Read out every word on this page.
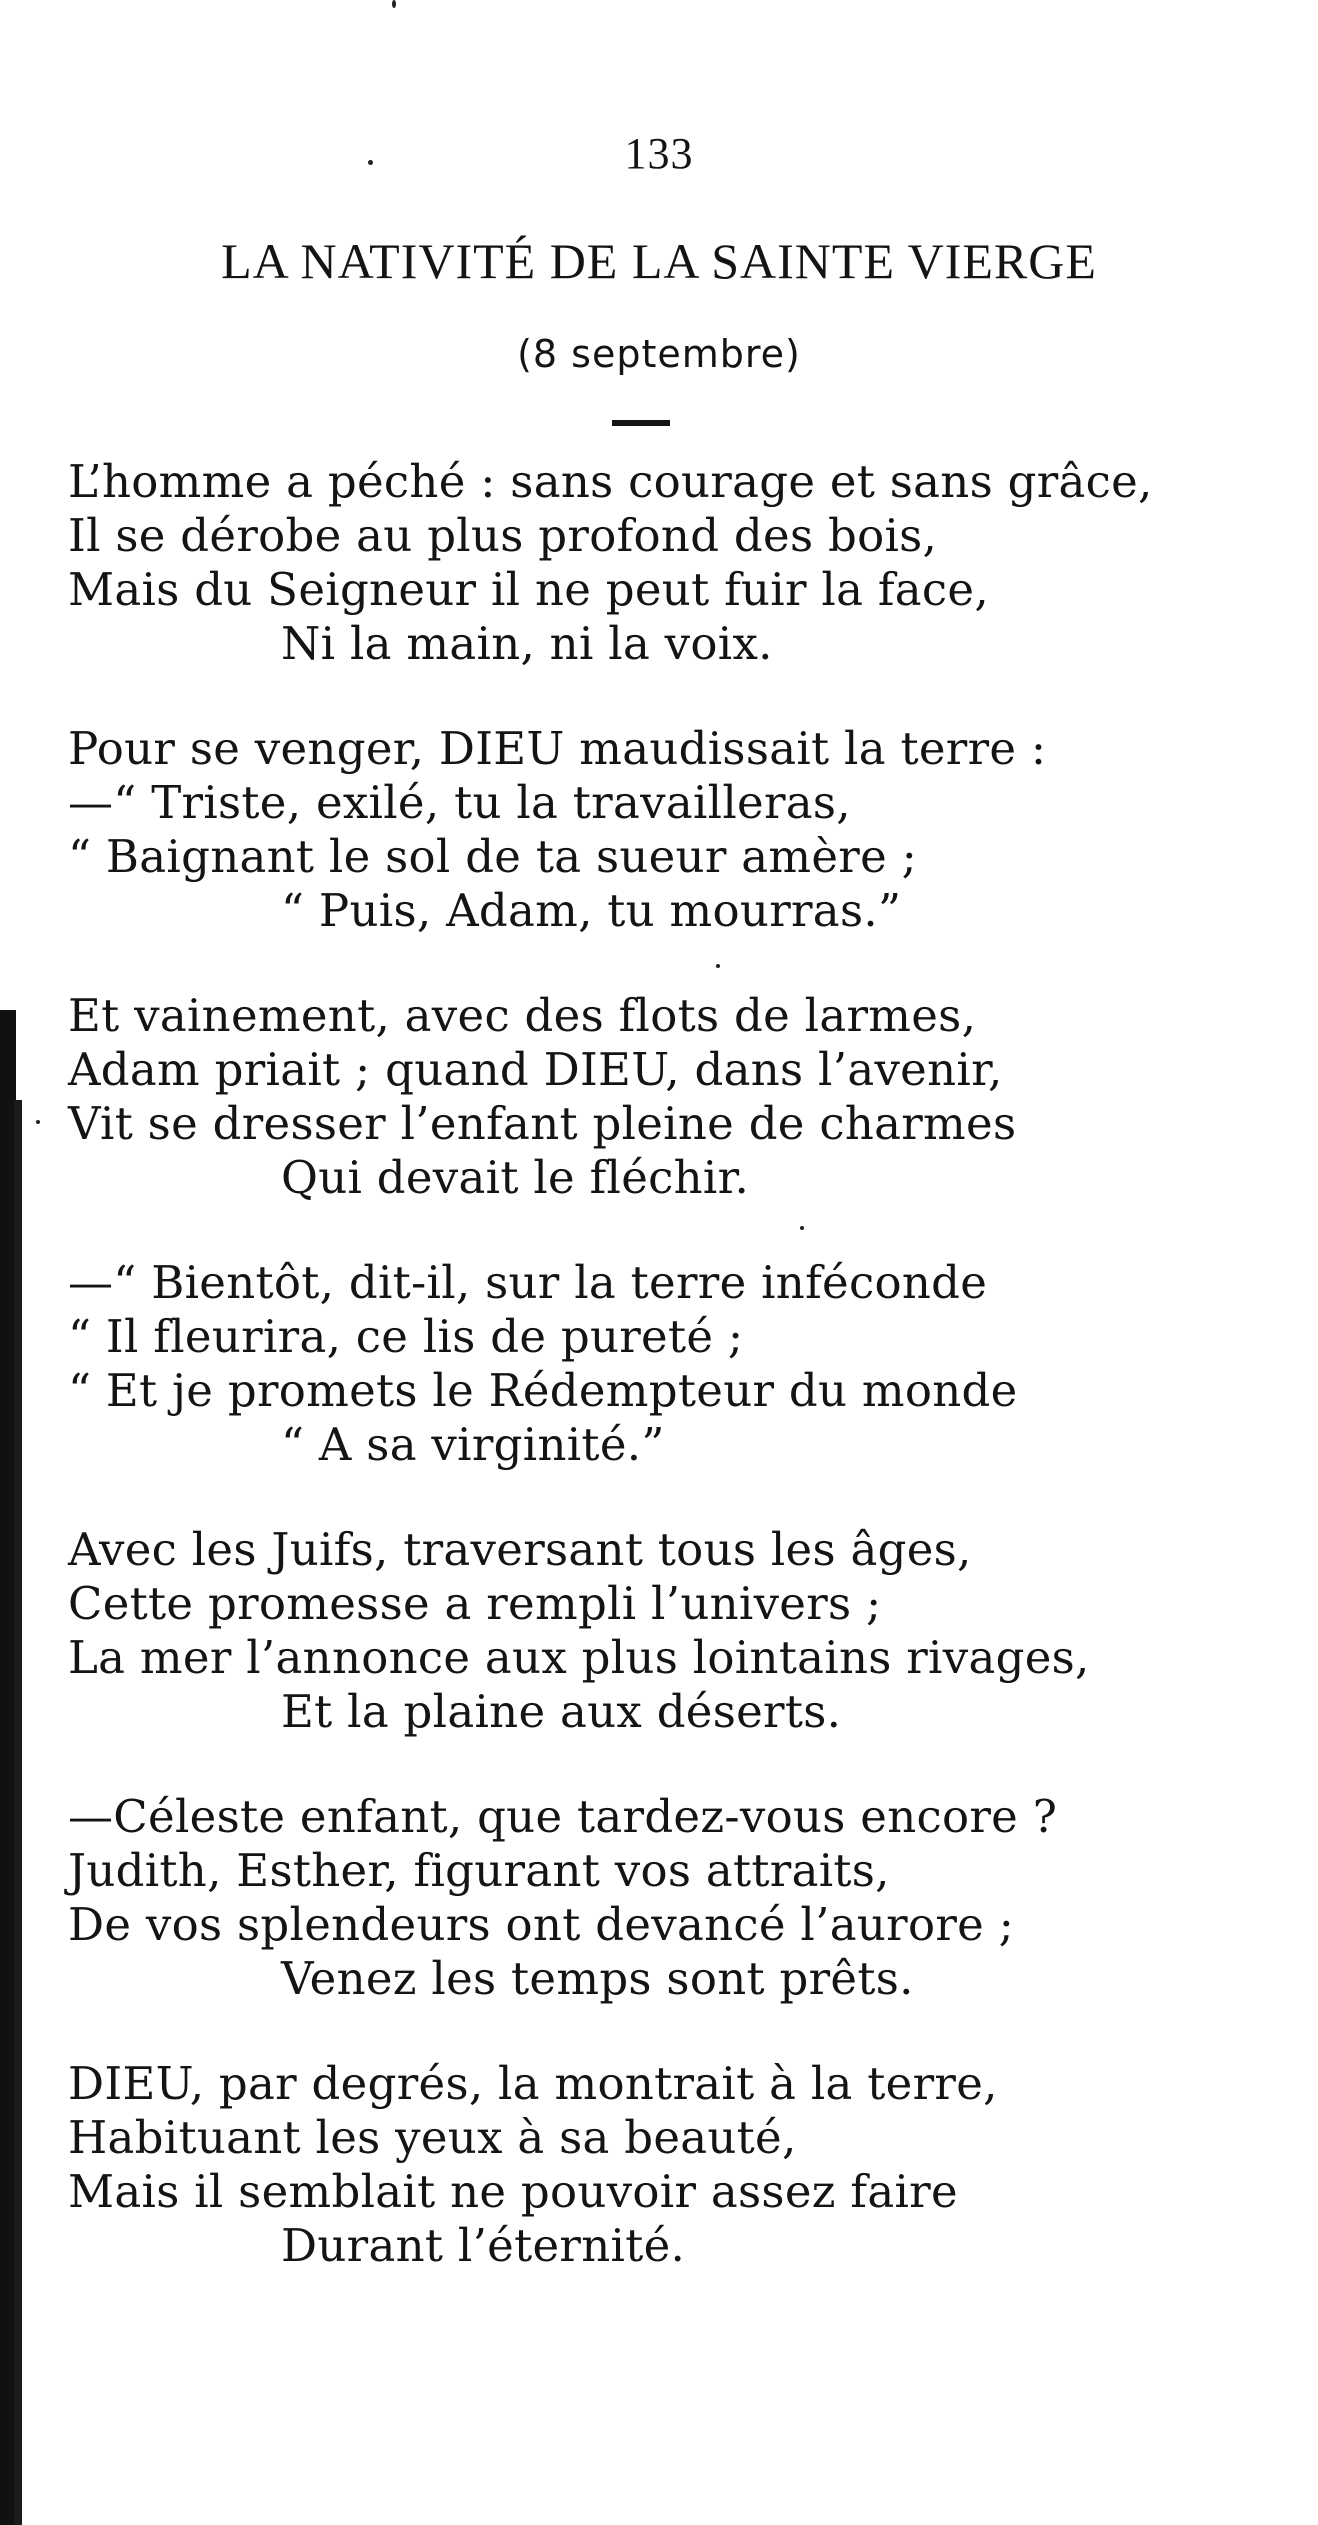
133
LA NATIVITÉ DE LA SAINTE VIERGE
(8 septembre)
L’homme a péché : sans courage et sans grâce,
Il se dérobe au plus profond des bois,
Mais du Seigneur il ne peut fuir la face,
Ni la main, ni la voix.
Pour se venger, DIEU maudissait la terre :
—“ Triste, exilé, tu la travailleras,
“ Baignant le sol de ta sueur amère ;
“ Puis, Adam, tu mourras.”
Et vainement, avec des flots de larmes,
Adam priait ; quand DIEU, dans l’avenir,
Vit se dresser l’enfant pleine de charmes
Qui devait le fléchir.
—“ Bientôt, dit-il, sur la terre inféconde
“ Il fleurira, ce lis de pureté ;
“ Et je promets le Rédempteur du monde
“ A sa virginité.”
Avec les Juifs, traversant tous les âges,
Cette promesse a rempli l’univers ;
La mer l’annonce aux plus lointains rivages,
Et la plaine aux déserts.
—Céleste enfant, que tardez-vous encore ?
Judith, Esther, figurant vos attraits,
De vos splendeurs ont devancé l’aurore ;
Venez les temps sont prêts.
DIEU, par degrés, la montrait à la terre,
Habituant les yeux à sa beauté,
Mais il semblait ne pouvoir assez faire
Durant l’éternité.
